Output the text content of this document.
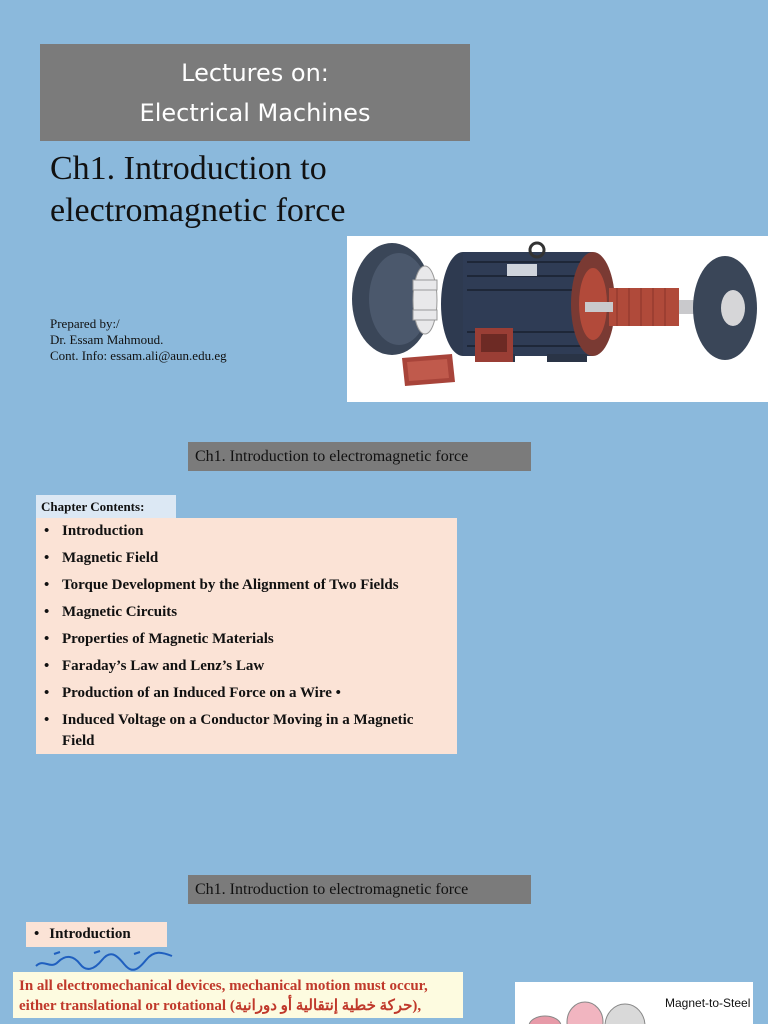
Lectures on:
Electrical Machines
Ch1. Introduction to
electromagnetic force
Prepared by:/
Dr. Essam Mahmoud.
Cont. Info: essam.ali@aun.edu.eg
Ch1. Introduction to electromagnetic force
Chapter Contents:
• Introduction
• Magnetic Field
• Torque Development by the Alignment of Two Fields
• Magnetic Circuits
• Properties of Magnetic Materials
• Faraday’s Law and Lenz’s Law
• Production of an Induced Force on a Wire •
• Induced Voltage on a Conductor Moving in a Magnetic Field
Ch1. Introduction to electromagnetic force
• Introduction
In all electromechanical devices, mechanical motion must occur,
either translational or rotational (حركة خطية إنتقالية أو دورانية),	Magnet-to-Steel
